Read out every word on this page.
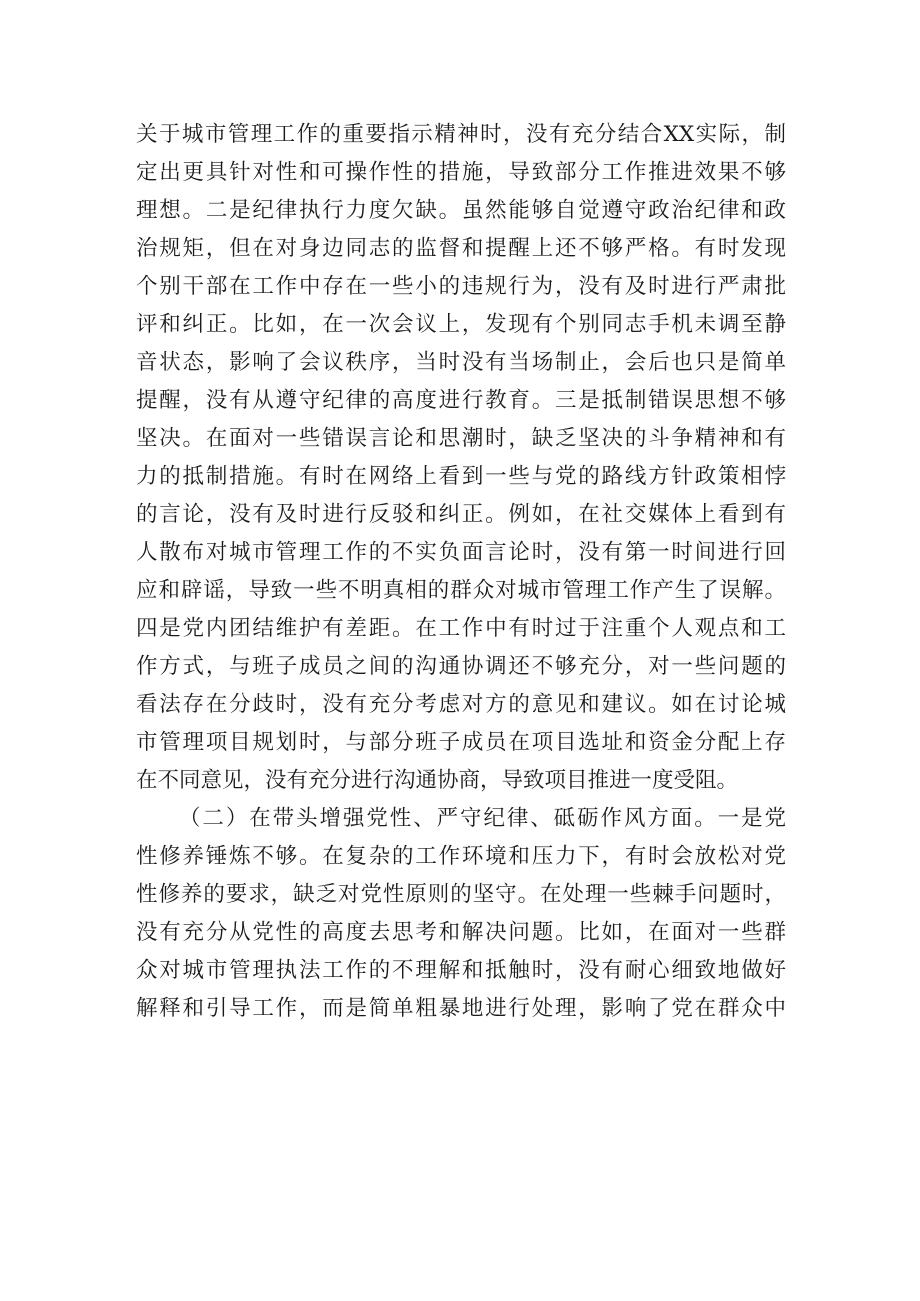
关于城市管理工作的重要指示精神时，没有充分结合XX实际，制
定出更具针对性和可操作性的措施，导致部分工作推进效果不够
理想。二是纪律执行力度欠缺。虽然能够自觉遵守政治纪律和政
治规矩，但在对身边同志的监督和提醒上还不够严格。有时发现
个别干部在工作中存在一些小的违规行为，没有及时进行严肃批
评和纠正。比如，在一次会议上，发现有个别同志手机未调至静
音状态，影响了会议秩序，当时没有当场制止，会后也只是简单
提醒，没有从遵守纪律的高度进行教育。三是抵制错误思想不够
坚决。在面对一些错误言论和思潮时，缺乏坚决的斗争精神和有
力的抵制措施。有时在网络上看到一些与党的路线方针政策相悖
的言论，没有及时进行反驳和纠正。例如，在社交媒体上看到有
人散布对城市管理工作的不实负面言论时，没有第一时间进行回
应和辟谣，导致一些不明真相的群众对城市管理工作产生了误解。
四是党内团结维护有差距。在工作中有时过于注重个人观点和工
作方式，与班子成员之间的沟通协调还不够充分，对一些问题的
看法存在分歧时，没有充分考虑对方的意见和建议。如在讨论城
市管理项目规划时，与部分班子成员在项目选址和资金分配上存
在不同意见，没有充分进行沟通协商，导致项目推进一度受阻。
（二）在带头增强党性、严守纪律、砥砺作风方面。一是党
性修养锤炼不够。在复杂的工作环境和压力下，有时会放松对党
性修养的要求，缺乏对党性原则的坚守。在处理一些棘手问题时，
没有充分从党性的高度去思考和解决问题。比如，在面对一些群
众对城市管理执法工作的不理解和抵触时，没有耐心细致地做好
解释和引导工作，而是简单粗暴地进行处理，影响了党在群众中
